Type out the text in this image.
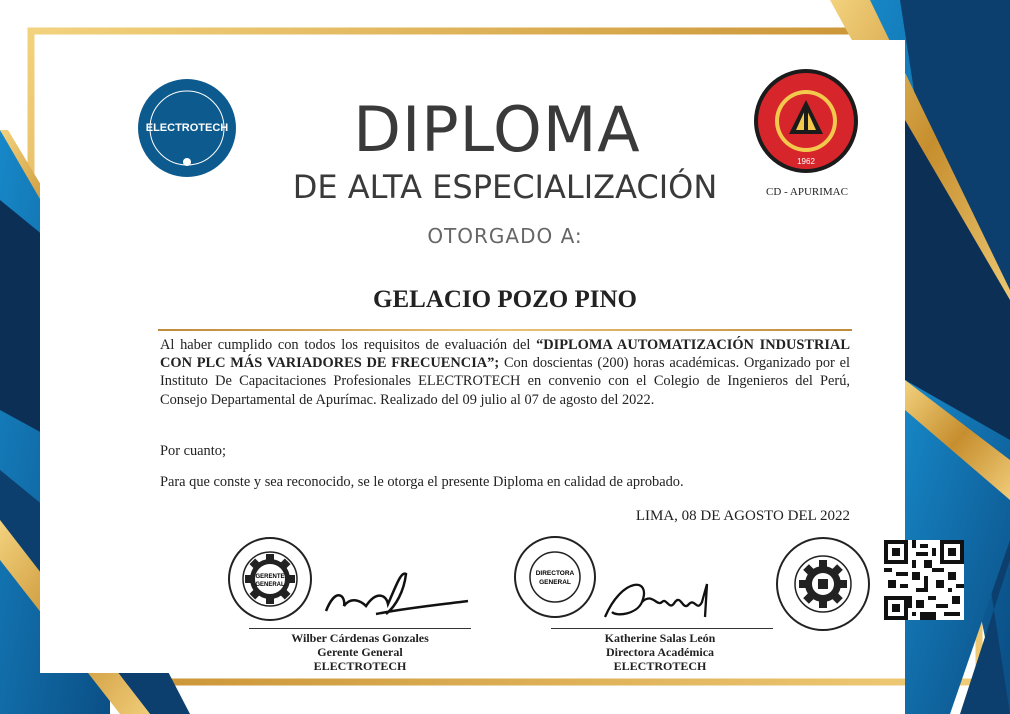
ELECTROTECH
1962
CD - APURIMAC
DIPLOMA
DE ALTA ESPECIALIZACIÓN
OTORGADO A:
GELACIO POZO PINO
Al haber cumplido con todos los requisitos de evaluación del “DIPLOMA AUTOMATIZACIÓN INDUSTRIAL CON PLC MÁS VARIADORES DE FRECUENCIA”; Con doscientas (200) horas académicas. Organizado por el Instituto De Capacitaciones Profesionales ELECTROTECH en convenio con el Colegio de Ingenieros del Perú, Consejo Departamental de Apurímac. Realizado del 09 julio al 07 de agosto del 2022.
Por cuanto;
Para que conste y sea reconocido, se le otorga el presente Diploma en calidad de aprobado.
LIMA, 08 DE AGOSTO DEL 2022
GERENTE
GENERAL
DIRECTORA
GENERAL
Wilber Cárdenas Gonzales
Gerente General
ELECTROTECH
Katherine Salas León
Directora Académica
ELECTROTECH
